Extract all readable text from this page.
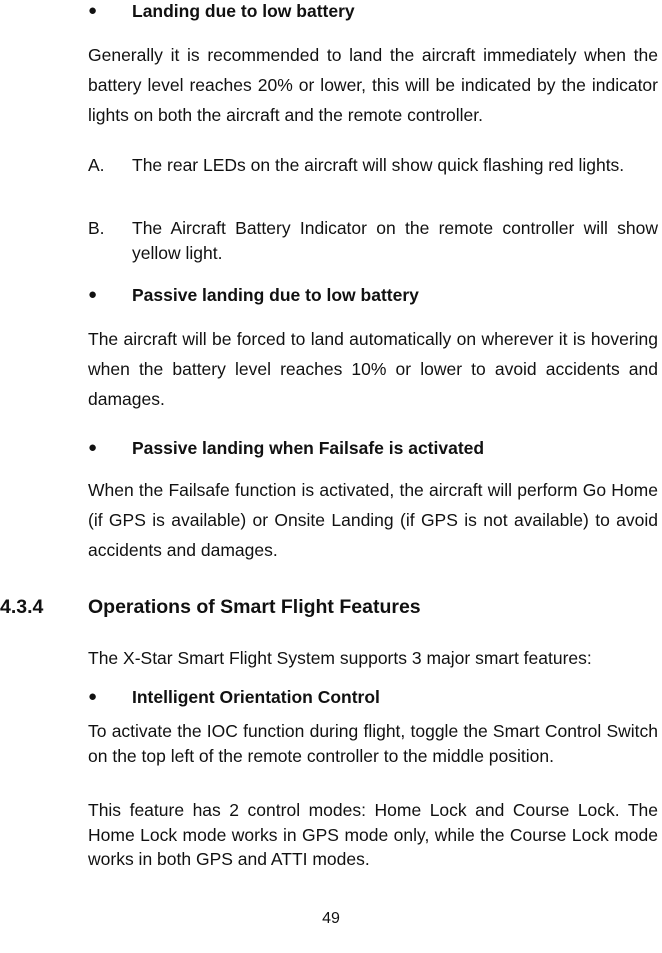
● Landing due to low battery
Generally it is recommended to land the aircraft immediately when the battery level reaches 20% or lower, this will be indicated by the indicator lights on both the aircraft and the remote controller.
A. The rear LEDs on the aircraft will show quick flashing red lights.
B. The Aircraft Battery Indicator on the remote controller will show yellow light.
● Passive landing due to low battery
The aircraft will be forced to land automatically on wherever it is hovering when the battery level reaches 10% or lower to avoid accidents and damages.
● Passive landing when Failsafe is activated
When the Failsafe function is activated, the aircraft will perform Go Home (if GPS is available) or Onsite Landing (if GPS is not available) to avoid accidents and damages.
4.3.4 Operations of Smart Flight Features
The X-Star Smart Flight System supports 3 major smart features:
● Intelligent Orientation Control
To activate the IOC function during flight, toggle the Smart Control Switch on the top left of the remote controller to the middle position.
This feature has 2 control modes: Home Lock and Course Lock. The Home Lock mode works in GPS mode only, while the Course Lock mode works in both GPS and ATTI modes.
49
